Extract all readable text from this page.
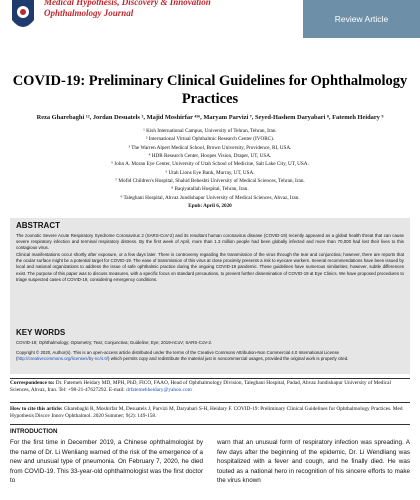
Medical Hypothesis, Discovery & Innovation
Ophthalmology Journal
Review Article
COVID-19: Preliminary Clinical Guidelines for Ophthalmology Practices
Reza Gharebaghi ¹², Jordan Desuatels ³, Majid Moshirfar ⁴⁵⁶, Maryam Parvizi ⁷, Seyed-Hashem Daryabari ⁸, Fatemeh Heidary ⁹
¹ Kish International Campus, University of Tehran, Tehran, Iran.
² International Virtual Ophthalmic Research Center (IVORC).
³ The Warren Alpert Medical School, Brown University, Providence, RI, USA.
⁴ HDR Research Center, Hoopes Vision, Draper, UT, USA.
⁵ John A. Moran Eye Center, University of Utah School of Medicine, Salt Lake City, UT, USA.
⁶ Utah Lions Eye Bank, Murray, UT, USA.
⁷ Mofid Children's Hospital, Shahid Beheshti University of Medical Sciences, Tehran, Iran.
⁸ Baqiyatallah Hospital, Tehran, Iran.
⁹ Taleghani Hospital, Ahvaz Jundishapur University of Medical Sciences, Ahvaz, Iran.
Epub: April 6, 2020
ABSTRACT

The zoonotic Severe Acute Respiratory Syndrome Coronavirus 2 (SARS-CoV-2) and its resultant human coronavirus disease (COVID-19) recently appeared as a global health threat that can cause severe respiratory infection and terminal respiratory distress. By the first week of April, more than 1.3 million people had been globally infected and more than 70,000 had lost their lives to this contagious virus.

Clinical manifestations occur shortly after exposure, or a few days later. There is controversy regarding the transmission of the virus through the tear and conjunctiva; however, there are reports that the ocular surface might be a potential target for COVID-19. The ease of transmission of this virus at close proximity presents a risk to eyecare workers. Several recommendations have been issued by local and national organizations to address the issue of safe ophthalmic practice during the ongoing COVID-19 pandemic. These guidelines have numerous similarities; however, subtle differences exist. The purpose of this paper was to discuss measures, with a specific focus on standard precautions, to prevent further dissemination of COVID-19 at Eye Clinics. We have proposed procedures to triage suspected cases of COVID-19, considering emergency conditions.

KEY WORDS
COVID-19; Ophthalmology; Optometry; Tear; Conjunctiva; Guideline; Eye; 2019-nCoV; SARS-CoV-2.
Copyright © 2020, Author(s). This is an open-access article distributed under the terms of the Creative Commons Attribution-Non Commercial 4.0 International License (http://creativecommons.org/licenses/by-nc/4.0/) which permits copy and redistribute the material just in noncommercial usages, provided the original work is properly cited.
Correspondence to: Dr. Fatemeh Heidary MD, MPH, PhD, FICO, FAAO, Head of Ophthalmology Division, Taleghani Hospital, Padad, Ahvaz Jundishapur University of Medical Sciences, Ahvaz, Iran. Tel: +98-21-47627292. E-mail: drfatemehheidary@yahoo.com
How to cite this article: Gharebaghi R, Moshirfar M, Desuatels J, Parvizi M, Daryabari S-H, Heidary F. COVID-19: Preliminary Clinical Guidelines for Ophthalmology Practices. Med Hypothesis Discov Innov Ophthalmol. 2020 Summer; 9(2): 149-158.
INTRODUCTION
For the first time in December 2019, a Chinese ophthalmologist by the name of Dr. Li Wenliang warned of the risk of the emergence of a new and unusual type of pneumonia. On February 7, 2020, he died from COVID-19. This 33-year-old ophthalmologist was the first doctor to
warn that an unusual form of respiratory infection was spreading. A few days after the beginning of the epidemic, Dr. Li Wendliang was hospitalized with a fever and cough, and he finally died. He was touted as a national hero in recognition of his sincere efforts to make the virus known
